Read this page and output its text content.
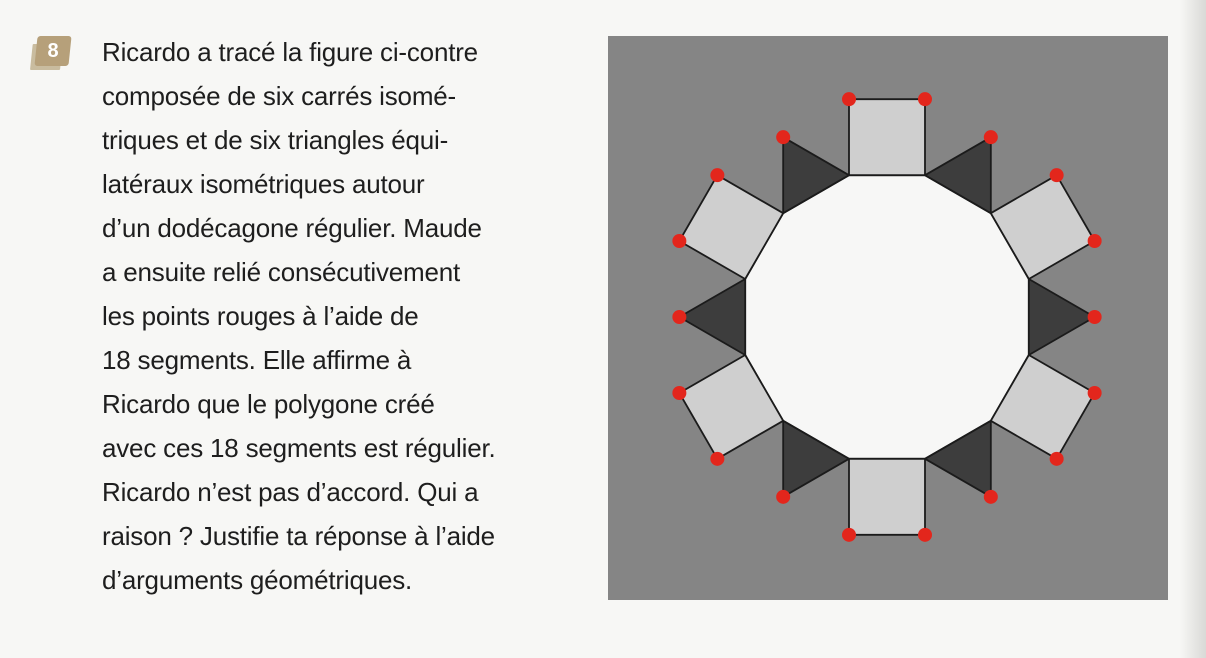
8	Ricardo a tracé la figure ci-contre
composée de six carrés isomé-
triques et de six triangles équi-
latéraux isométriques autour
d’un dodécagone régulier. Maude
a ensuite relié consécutivement
les points rouges à l’aide de
18 segments. Elle affirme à
Ricardo que le polygone créé
avec ces 18 segments est régulier.
Ricardo n’est pas d’accord. Qui a
raison ? Justifie ta réponse à l’aide
d’arguments géométriques.
